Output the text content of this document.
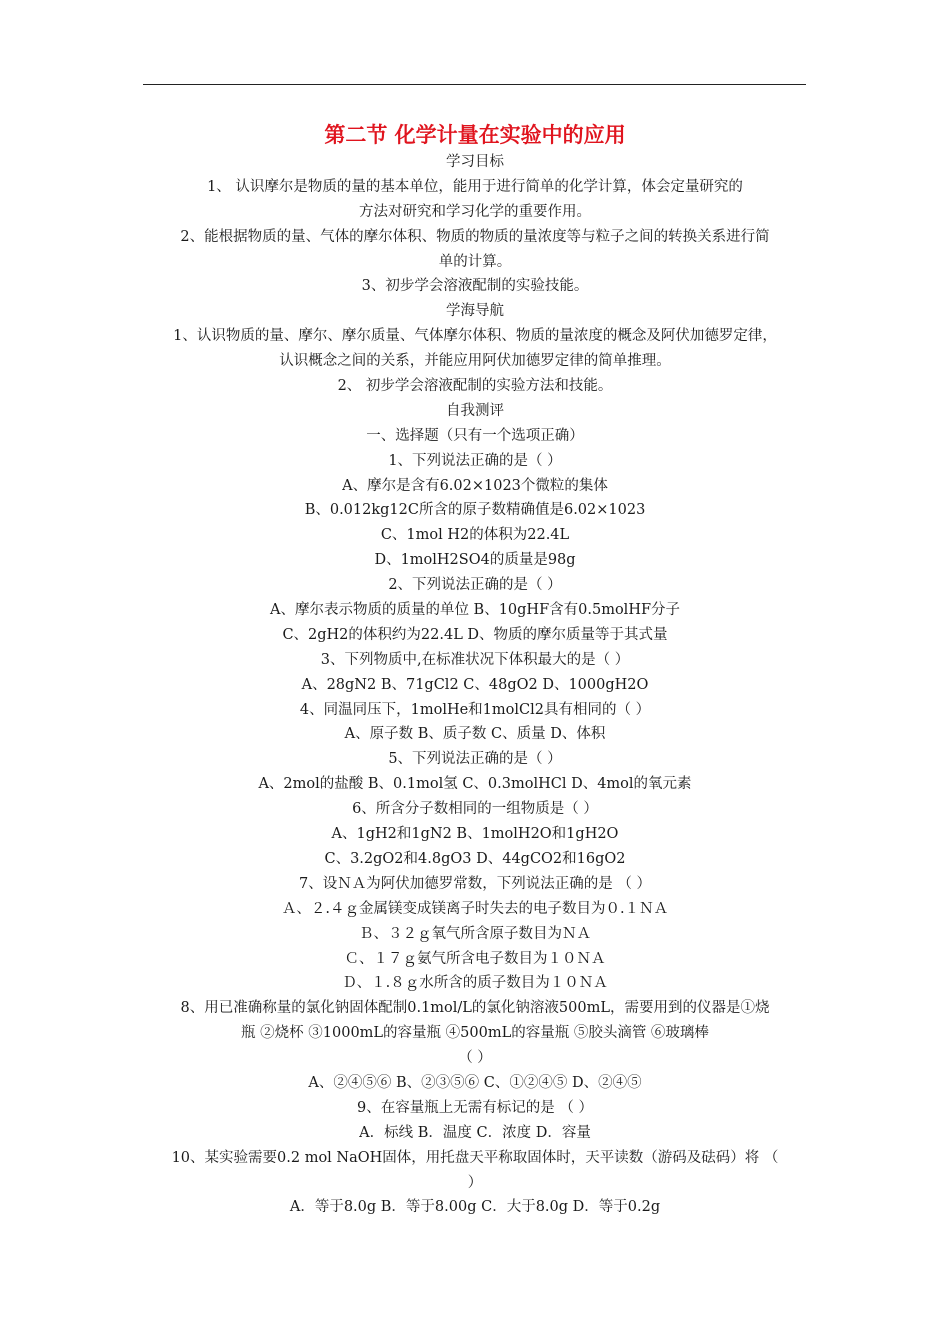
第二节 化学计量在实验中的应用

学习目标

1、 认识摩尔是物质的量的基本单位，能用于进行简单的化学计算，体会定量研究的

方法对研究和学习化学的重要作用。

2、能根据物质的量、气体的摩尔体积、物质的物质的量浓度等与粒子之间的转换关系进行简

单的计算。

3、初步学会溶液配制的实验技能。

学海导航

1、认识物质的量、摩尔、摩尔质量、气体摩尔体积、物质的量浓度的概念及阿伏加德罗定律，

认识概念之间的关系，并能应用阿伏加德罗定律的简单推理。

2、 初步学会溶液配制的实验方法和技能。

自我测评

一、选择题（只有一个选项正确）

1、下列说法正确的是（ ）

A、摩尔是含有6.02×1023个微粒的集体

B、0.012kg12C所含的原子数精确值是6.02×1023

C、1mol H2的体积为22.4L

D、1molH2SO4的质量是98g

2、下列说法正确的是（ ）

A、摩尔表示物质的质量的单位 B、10gHF含有0.5molHF分子

C、2gH2的体积约为22.4L D、物质的摩尔质量等于其式量

3、下列物质中,在标准状况下体积最大的是（ ）

A、28gN2 B、71gCl2 C、48gO2 D、1000gH2O

4、同温同压下，1molHe和1molCl2具有相同的（ ）

A、原子数 B、质子数 C、质量 D、体积

5、下列说法正确的是（ ）

A、2mol的盐酸 B、0.1mol氢 C、0.3molHCl D、4mol的氧元素

6、所含分子数相同的一组物质是（ ）

A、1gH2和1gN2 B、1molH2O和1gH2O

C、3.2gO2和4.8gO3 D、44gCO2和16gO2

7、设ＮＡ为阿伏加德罗常数，下列说法正确的是 （ ）

Ａ、２.４ｇ金属镁变成镁离子时失去的电子数目为０.１ＮＡ

Ｂ、３２ｇ氧气所含原子数目为ＮＡ

Ｃ、１７ｇ氨气所含电子数目为１０ＮＡ

Ｄ、１.８ｇ水所含的质子数目为１０ＮＡ

8、用已准确称量的氯化钠固体配制0.1mol/L的氯化钠溶液500mL，需要用到的仪器是①烧

瓶 ②烧杯 ③1000mL的容量瓶 ④500mL的容量瓶 ⑤胶头滴管 ⑥玻璃棒

（ ）

A、②④⑤⑥ B、②③⑤⑥ C、①②④⑤ D、②④⑤

9、在容量瓶上无需有标记的是 （ ）

A．标线 B．温度 C．浓度 D．容量

10、某实验需要0.2 mol NaOH固体，用托盘天平称取固体时，天平读数（游码及砝码）将 （

）

A．等于8.0g B．等于8.00g C．大于8.0g D．等于0.2g
